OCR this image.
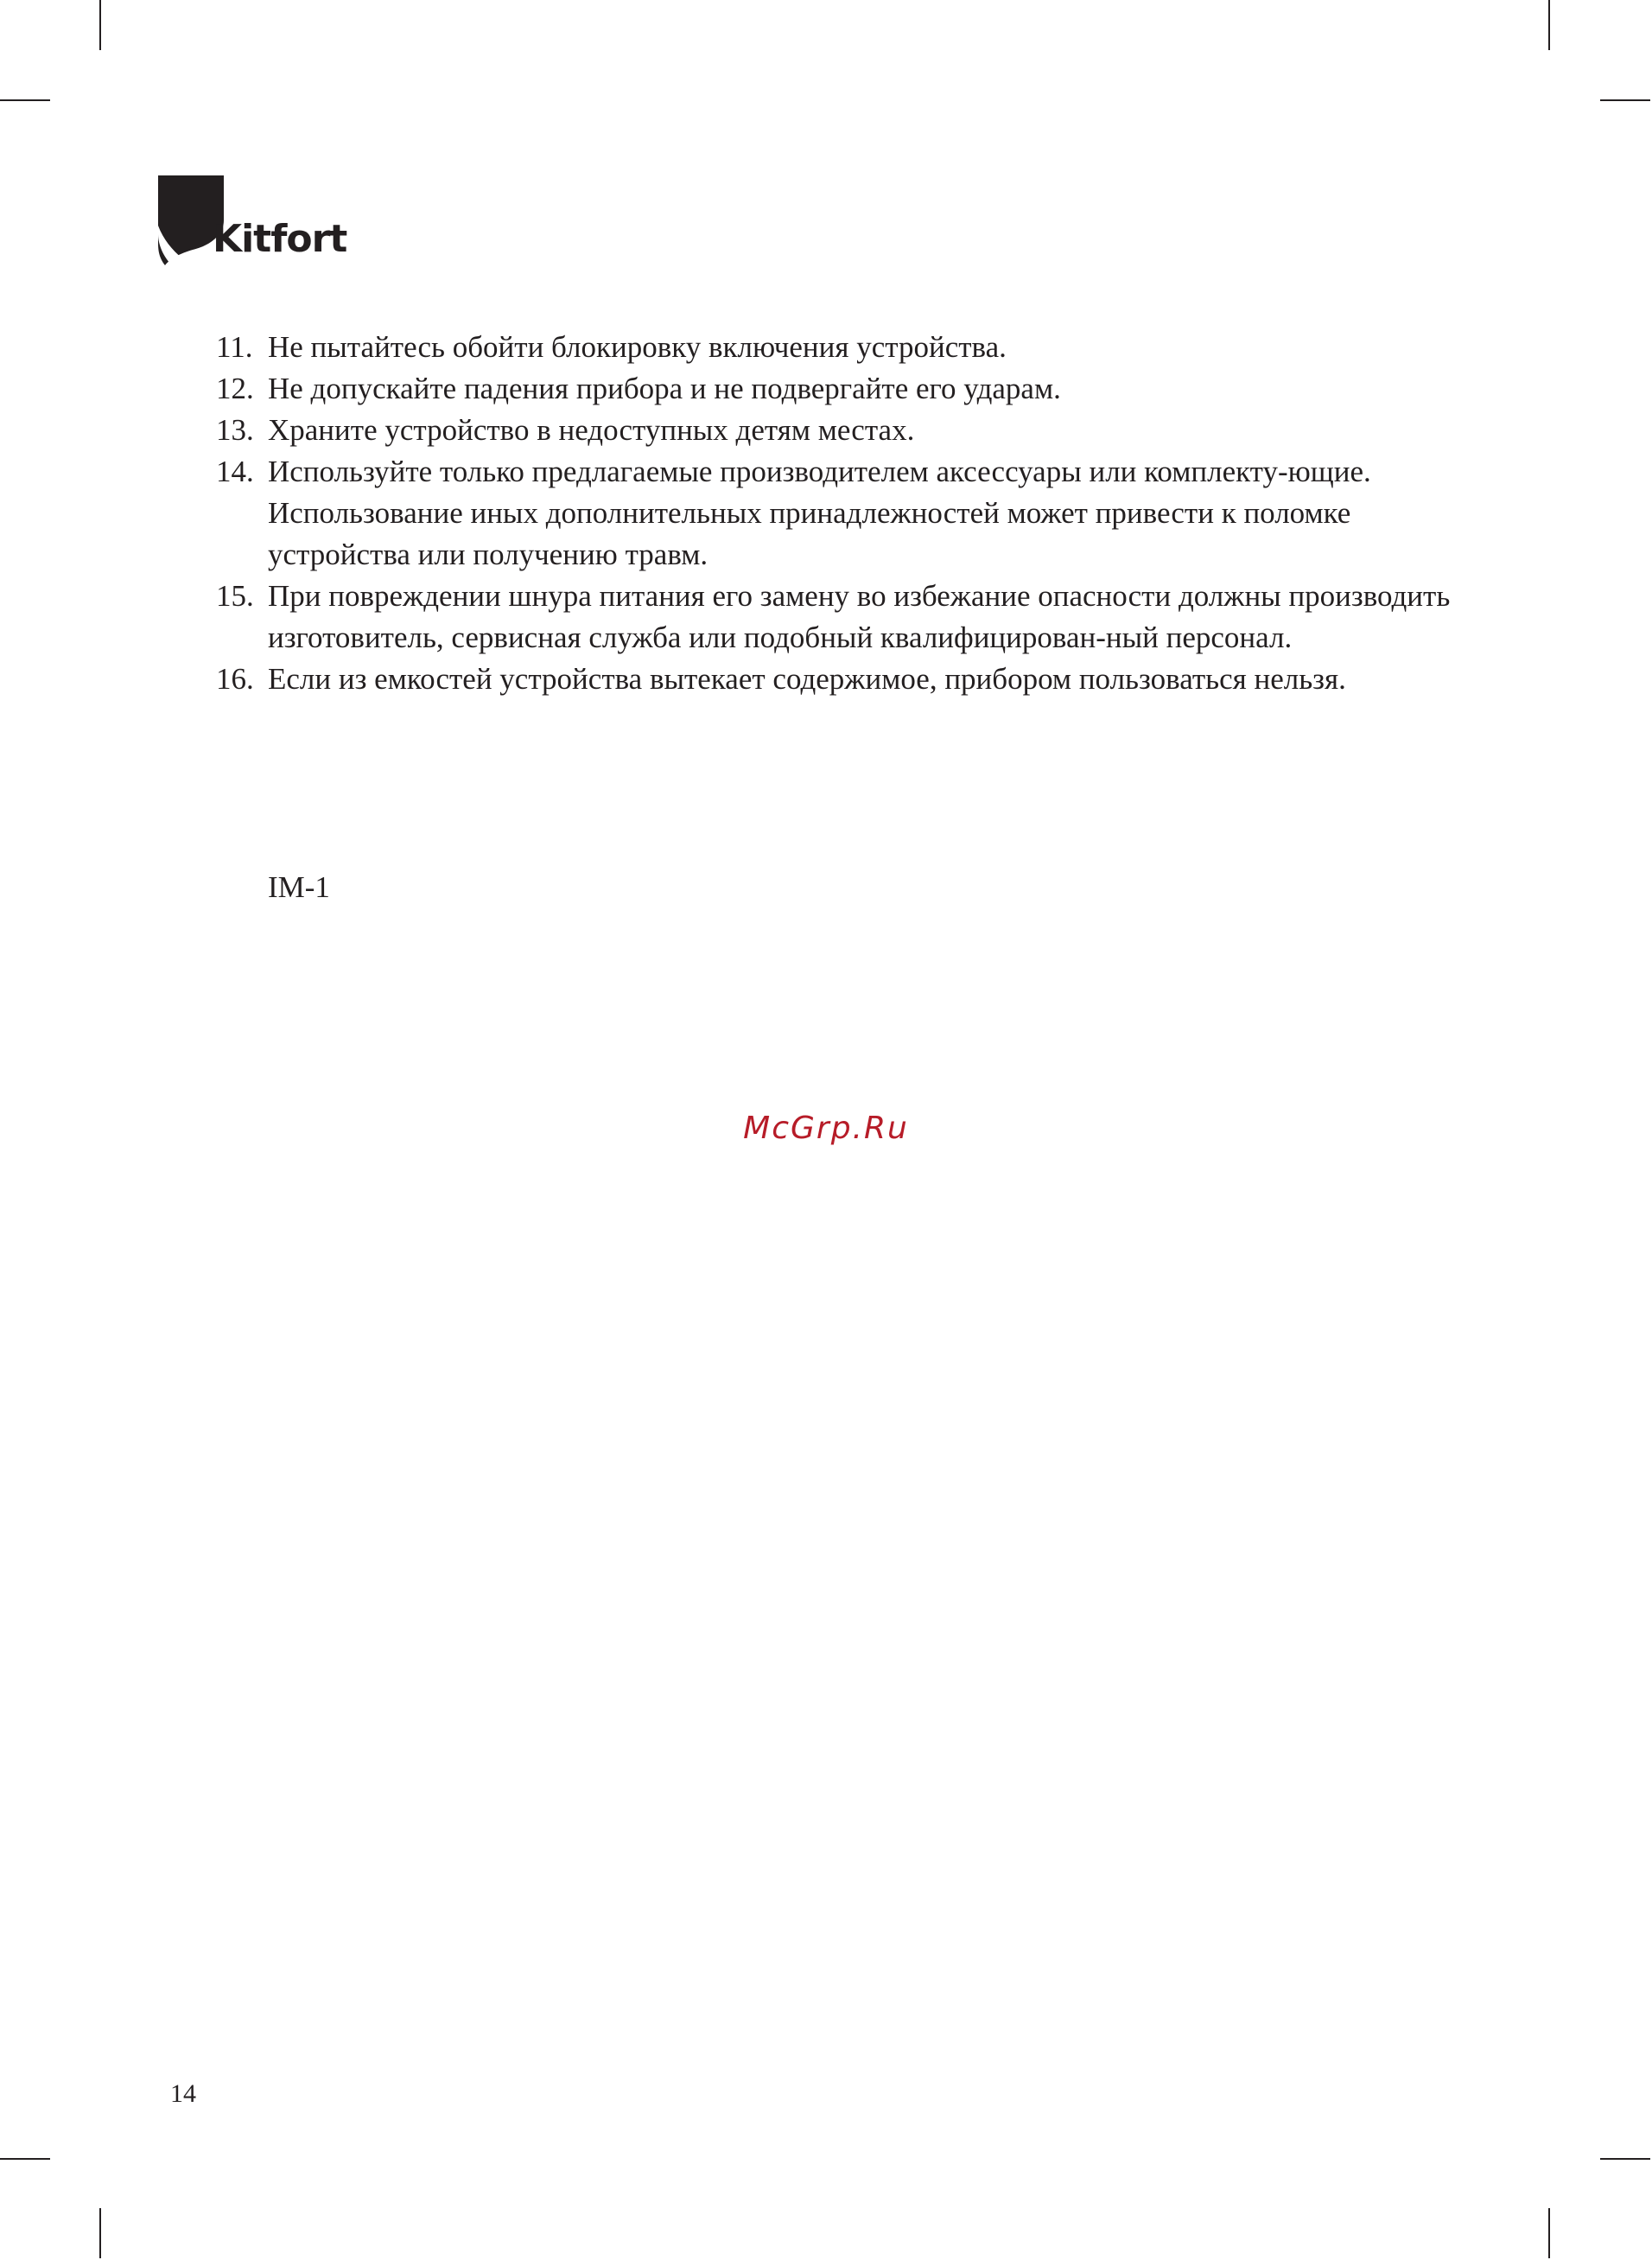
Kitfort
11. Не пытайтесь обойти блокировку включения устройства.
12. Не допускайте падения прибора и не подвергайте его ударам.
13. Храните устройство в недоступных детям местах.
14. Используйте только предлагаемые производителем аксессуары или комплекту-ющие. Использование иных дополнительных принадлежностей может привести к поломке устройства или получению травм.
15. При повреждении шнура питания его замену во избежание опасности должны производить изготовитель, сервисная служба или подобный квалифицирован-ный персонал.
16. Если из емкостей устройства вытекает содержимое, прибором пользоваться нельзя.
IM-1
McGrp.Ru
14
